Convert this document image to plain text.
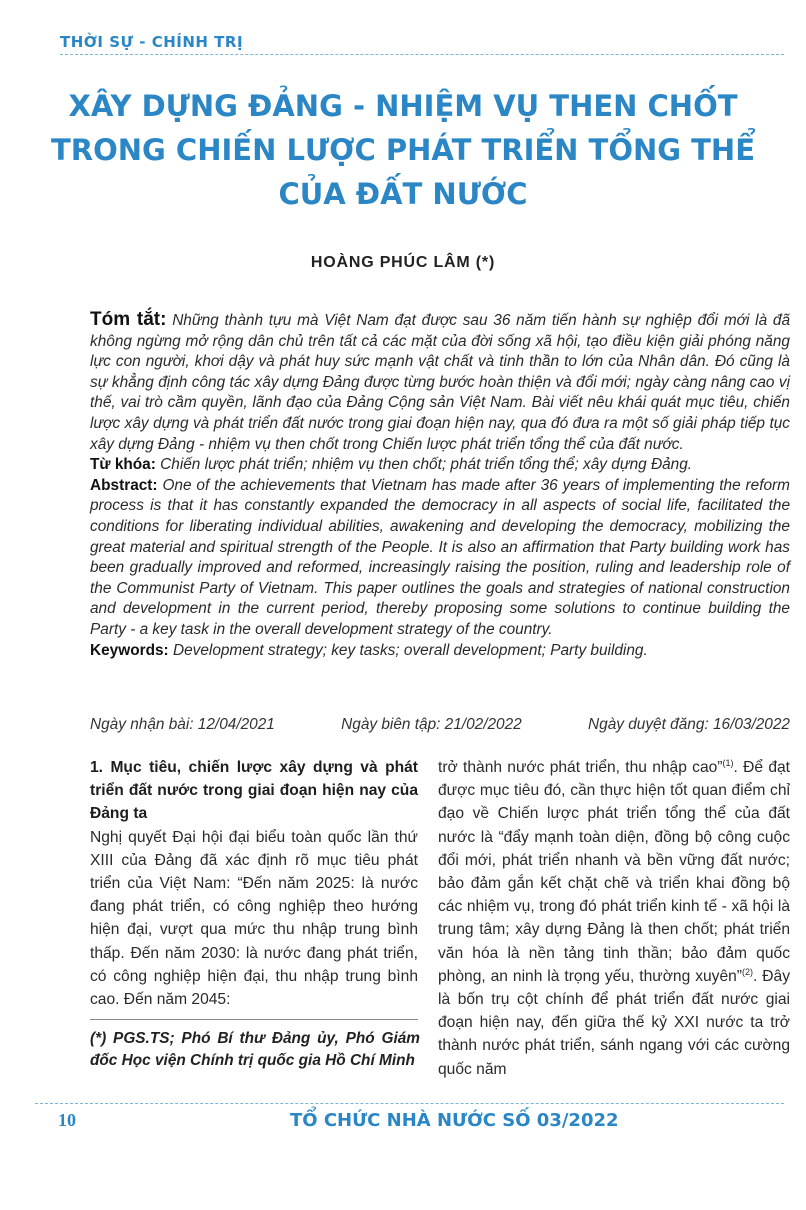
THỜI SỰ - CHÍNH TRỊ
XÂY DỰNG ĐẢNG - NHIỆM VỤ THEN CHỐT
TRONG CHIẾN LƯỢC PHÁT TRIỂN TỔNG THỂ
CỦA ĐẤT NƯỚC
HOÀNG PHÚC LÂM (*)

Tóm tắt: Những thành tựu mà Việt Nam đạt được sau 36 năm tiến hành sự nghiệp đổi mới là đã không ngừng mở rộng dân chủ trên tất cả các mặt của đời sống xã hội, tạo điều kiện giải phóng năng lực con người, khơi dậy và phát huy sức mạnh vật chất và tinh thần to lớn của Nhân dân. Đó cũng là sự khẳng định công tác xây dựng Đảng được từng bước hoàn thiện và đổi mới; ngày càng nâng cao vị thế, vai trò cầm quyền, lãnh đạo của Đảng Cộng sản Việt Nam. Bài viết nêu khái quát mục tiêu, chiến lược xây dựng và phát triển đất nước trong giai đoạn hiện nay, qua đó đưa ra một số giải pháp tiếp tục xây dựng Đảng - nhiệm vụ then chốt trong Chiến lược phát triển tổng thể của đất nước.

Từ khóa: Chiến lược phát triển; nhiệm vụ then chốt; phát triển tổng thể; xây dựng Đảng.

Abstract: One of the achievements that Vietnam has made after 36 years of implementing the reform process is that it has constantly expanded the democracy in all aspects of social life, facilitated the conditions for liberating individual abilities, awakening and developing the democracy, mobilizing the great material and spiritual strength of the People. It is also an affirmation that Party building work has been gradually improved and reformed, increasingly raising the position, ruling and leadership role of the Communist Party of Vietnam. This paper outlines the goals and strategies of national construction and development in the current period, thereby proposing some solutions to continue building the Party - a key task in the overall development strategy of the country.

Keywords: Development strategy; key tasks; overall development; Party building.

Ngày nhận bài: 12/04/2021	Ngày biên tập: 21/02/2022	Ngày duyệt đăng: 16/03/2022

1. Mục tiêu, chiến lược xây dựng và phát triển đất nước trong giai đoạn hiện nay của Đảng ta

Nghị quyết Đại hội đại biểu toàn quốc lần thứ XIII của Đảng đã xác định rõ mục tiêu phát triển của Việt Nam: “Đến năm 2025: là nước đang phát triển, có công nghiệp theo hướng hiện đại, vượt qua mức thu nhập trung bình thấp. Đến năm 2030: là nước đang phát triển, có công nghiệp hiện đại, thu nhập trung bình cao. Đến năm 2045:

(*) PGS.TS; Phó Bí thư Đảng ủy, Phó Giám đốc Học viện Chính trị quốc gia Hồ Chí Minh

trở thành nước phát triển, thu nhập cao”$^{(1)}$. Để đạt được mục tiêu đó, cần thực hiện tốt quan điểm chỉ đạo về Chiến lược phát triển tổng thể của đất nước là “đẩy mạnh toàn diện, đồng bộ công cuộc đổi mới, phát triển nhanh và bền vững đất nước; bảo đảm gắn kết chặt chẽ và triển khai đồng bộ các nhiệm vụ, trong đó phát triển kinh tế - xã hội là trung tâm; xây dựng Đảng là then chốt; phát triển văn hóa là nền tảng tinh thần; bảo đảm quốc phòng, an ninh là trọng yếu, thường xuyên”$^{(2)}$. Đây là bốn trụ cột chính để phát triển đất nước giai đoạn hiện nay, đến giữa thế kỷ XXI nước ta trở thành nước phát triển, sánh ngang với các cường quốc năm

10	TỔ CHỨC NHÀ NƯỚC SỐ 03/2022
